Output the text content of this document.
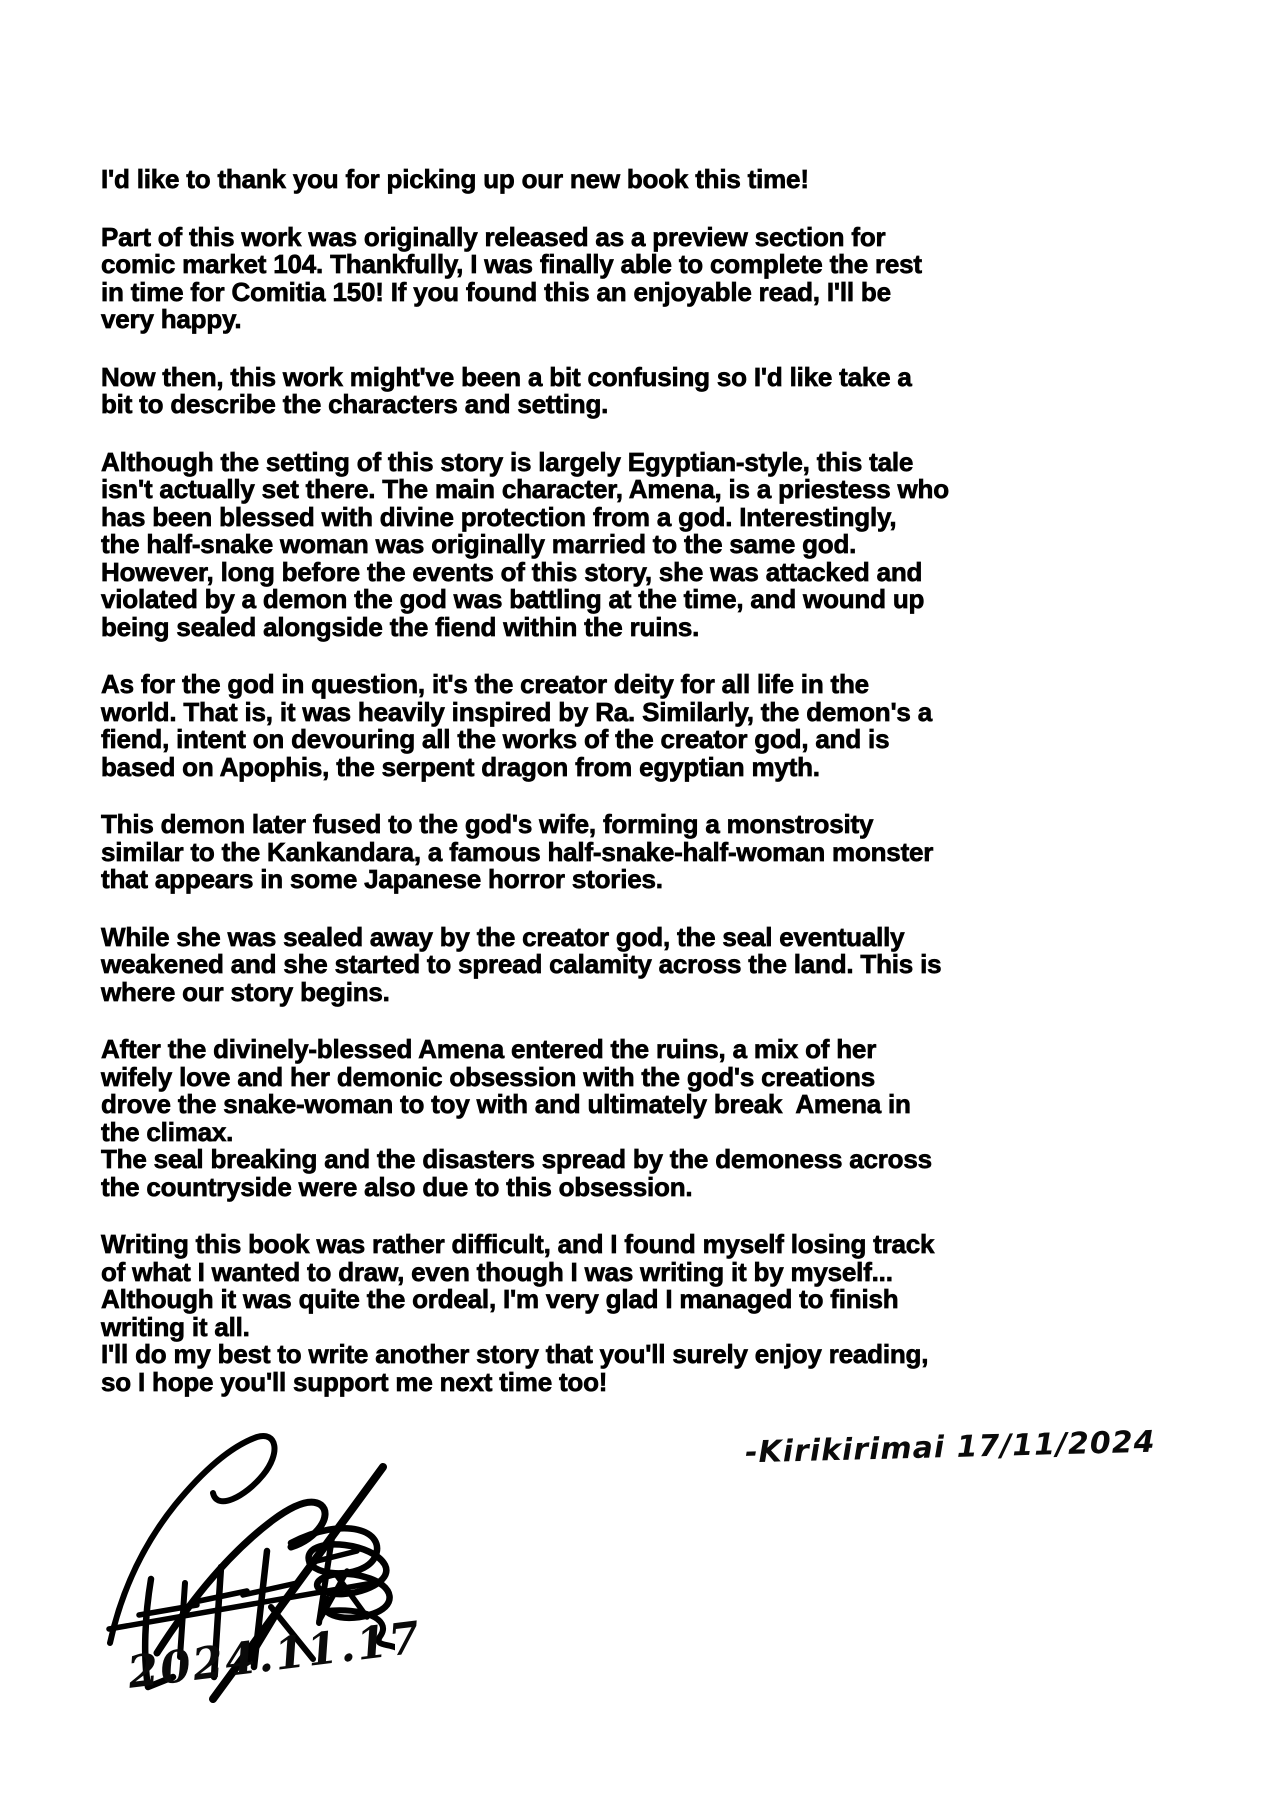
I'd like to thank you for picking up our new book this time!
Part of this work was originally released as a preview section for
comic market 104. Thankfully, I was finally able to complete the rest
in time for Comitia 150! If you found this an enjoyable read, I'll be
very happy.
Now then, this work might've been a bit confusing so I'd like take a
bit to describe the characters and setting.
Although the setting of this story is largely Egyptian-style, this tale
isn't actually set there. The main character, Amena, is a priestess who
has been blessed with divine protection from a god. Interestingly,
the half-snake woman was originally married to the same god.
However, long before the events of this story, she was attacked and
violated by a demon the god was battling at the time, and wound up
being sealed alongside the fiend within the ruins.
As for the god in question, it's the creator deity for all life in the
world. That is, it was heavily inspired by Ra. Similarly, the demon's a
fiend, intent on devouring all the works of the creator god, and is
based on Apophis, the serpent dragon from egyptian myth.
This demon later fused to the god's wife, forming a monstrosity
similar to the Kankandara, a famous half-snake-half-woman monster
that appears in some Japanese horror stories.
While she was sealed away by the creator god, the seal eventually
weakened and she started to spread calamity across the land. This is
where our story begins.
After the divinely-blessed Amena entered the ruins, a mix of her
wifely love and her demonic obsession with the god's creations
drove the snake-woman to toy with and ultimately break  Amena in
the climax.
The seal breaking and the disasters spread by the demoness across
the countryside were also due to this obsession.
Writing this book was rather difficult, and I found myself losing track
of what I wanted to draw, even though I was writing it by myself...
Although it was quite the ordeal, I'm very glad I managed to finish
writing it all.
I'll do my best to write another story that you'll surely enjoy reading,
so I hope you'll support me next time too!
-Kirikirimai 17/11/2024
2024.11.17
